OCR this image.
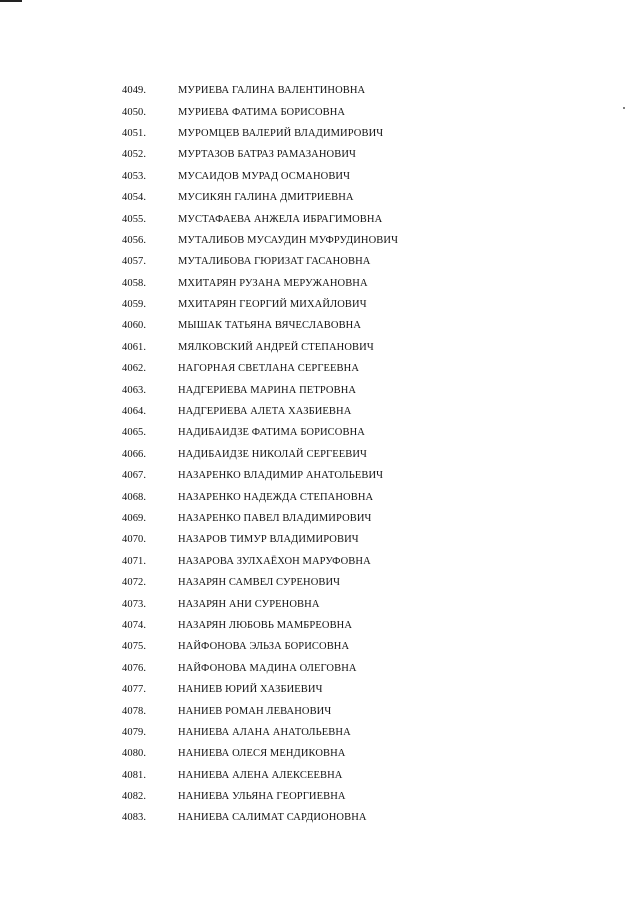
4049.	МУРИЕВА ГАЛИНА ВАЛЕНТИНОВНА
4050.	МУРИЕВА ФАТИМА БОРИСОВНА
4051.	МУРОМЦЕВ ВАЛЕРИЙ ВЛАДИМИРОВИЧ
4052.	МУРТАЗОВ БАТРАЗ РАМАЗАНОВИЧ
4053.	МУСАИДОВ МУРАД ОСМАНОВИЧ
4054.	МУСИКЯН ГАЛИНА ДМИТРИЕВНА
4055.	МУСТАФАЕВА АНЖЕЛА ИБРАГИМОВНА
4056.	МУТАЛИБОВ МУСАУДИН МУФРУДИНОВИЧ
4057.	МУТАЛИБОВА ГЮРИЗАТ ГАСАНОВНА
4058.	МХИТАРЯН РУЗАНА МЕРУЖАНОВНА
4059.	МХИТАРЯН ГЕОРГИЙ МИХАЙЛОВИЧ
4060.	МЫШАК ТАТЬЯНА ВЯЧЕСЛАВОВНА
4061.	МЯЛКОВСКИЙ АНДРЕЙ СТЕПАНОВИЧ
4062.	НАГОРНАЯ СВЕТЛАНА СЕРГЕЕВНА
4063.	НАДГЕРИЕВА МАРИНА ПЕТРОВНА
4064.	НАДГЕРИЕВА АЛЕТА ХАЗБИЕВНА
4065.	НАДИБАИДЗЕ ФАТИМА БОРИСОВНА
4066.	НАДИБАИДЗЕ НИКОЛАЙ СЕРГЕЕВИЧ
4067.	НАЗАРЕНКО ВЛАДИМИР АНАТОЛЬЕВИЧ
4068.	НАЗАРЕНКО НАДЕЖДА СТЕПАНОВНА
4069.	НАЗАРЕНКО ПАВЕЛ ВЛАДИМИРОВИЧ
4070.	НАЗАРОВ ТИМУР ВЛАДИМИРОВИЧ
4071.	НАЗАРОВА ЗУЛХАЁХОН МАРУФОВНА
4072.	НАЗАРЯН САМВЕЛ СУРЕНОВИЧ
4073.	НАЗАРЯН АНИ СУРЕНОВНА
4074.	НАЗАРЯН ЛЮБОВЬ МАМБРЕОВНА
4075.	НАЙФОНОВА ЭЛЬЗА БОРИСОВНА
4076.	НАЙФОНОВА МАДИНА ОЛЕГОВНА
4077.	НАНИЕВ ЮРИЙ ХАЗБИЕВИЧ
4078.	НАНИЕВ РОМАН ЛЕВАНОВИЧ
4079.	НАНИЕВА АЛАНА АНАТОЛЬЕВНА
4080.	НАНИЕВА ОЛЕСЯ МЕНДИКОВНА
4081.	НАНИЕВА АЛЕНА АЛЕКСЕЕВНА
4082.	НАНИЕВА УЛЬЯНА ГЕОРГИЕВНА
4083.	НАНИЕВА САЛИМАТ САРДИОНОВНА
